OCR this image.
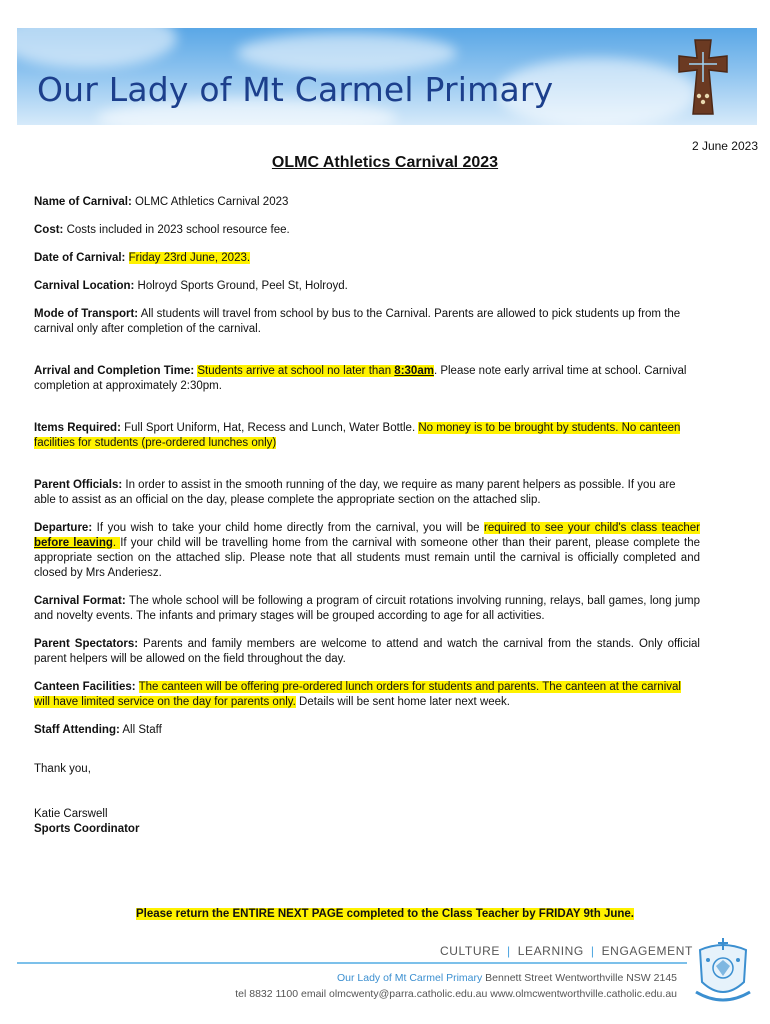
Our Lady of Mt Carmel Primary
2 June 2023
OLMC Athletics Carnival 2023

Name of Carnival: OLMC Athletics Carnival 2023

Cost: Costs included in 2023 school resource fee.

Date of Carnival: Friday 23rd June, 2023.

Carnival Location: Holroyd Sports Ground, Peel St, Holroyd.

Mode of Transport: All students will travel from school by bus to the Carnival. Parents are allowed to pick students up from the carnival only after completion of the carnival.

Arrival and Completion Time: Students arrive at school no later than 8:30am. Please note early arrival time at school. Carnival completion at approximately 2:30pm.

Items Required: Full Sport Uniform, Hat, Recess and Lunch, Water Bottle. No money is to be brought by students. No canteen facilities for students (pre-ordered lunches only)

Parent Officials: In order to assist in the smooth running of the day, we require as many parent helpers as possible. If you are able to assist as an official on the day, please complete the appropriate section on the attached slip.

Departure: If you wish to take your child home directly from the carnival, you will be required to see your child's class teacher before leaving. If your child will be travelling home from the carnival with someone other than their parent, please complete the appropriate section on the attached slip. Please note that all students must remain until the carnival is officially completed and closed by Mrs Anderiesz.

Carnival Format: The whole school will be following a program of circuit rotations involving running, relays, ball games, long jump and novelty events. The infants and primary stages will be grouped according to age for all activities.

Parent Spectators: Parents and family members are welcome to attend and watch the carnival from the stands. Only official parent helpers will be allowed on the field throughout the day.

Canteen Facilities: The canteen will be offering pre-ordered lunch orders for students and parents. The canteen at the carnival will have limited service on the day for parents only. Details will be sent home later next week.

Staff Attending: All Staff

Thank you,

Katie Carswell
Sports Coordinator
Please return the ENTIRE NEXT PAGE completed to the Class Teacher by FRIDAY 9th June.
CULTURE | LEARNING | ENGAGEMENT
Our Lady of Mt Carmel Primary Bennett Street Wentworthville NSW 2145
tel 8832 1100 email olmcwenty@parra.catholic.edu.au www.olmcwentworthville.catholic.edu.au
